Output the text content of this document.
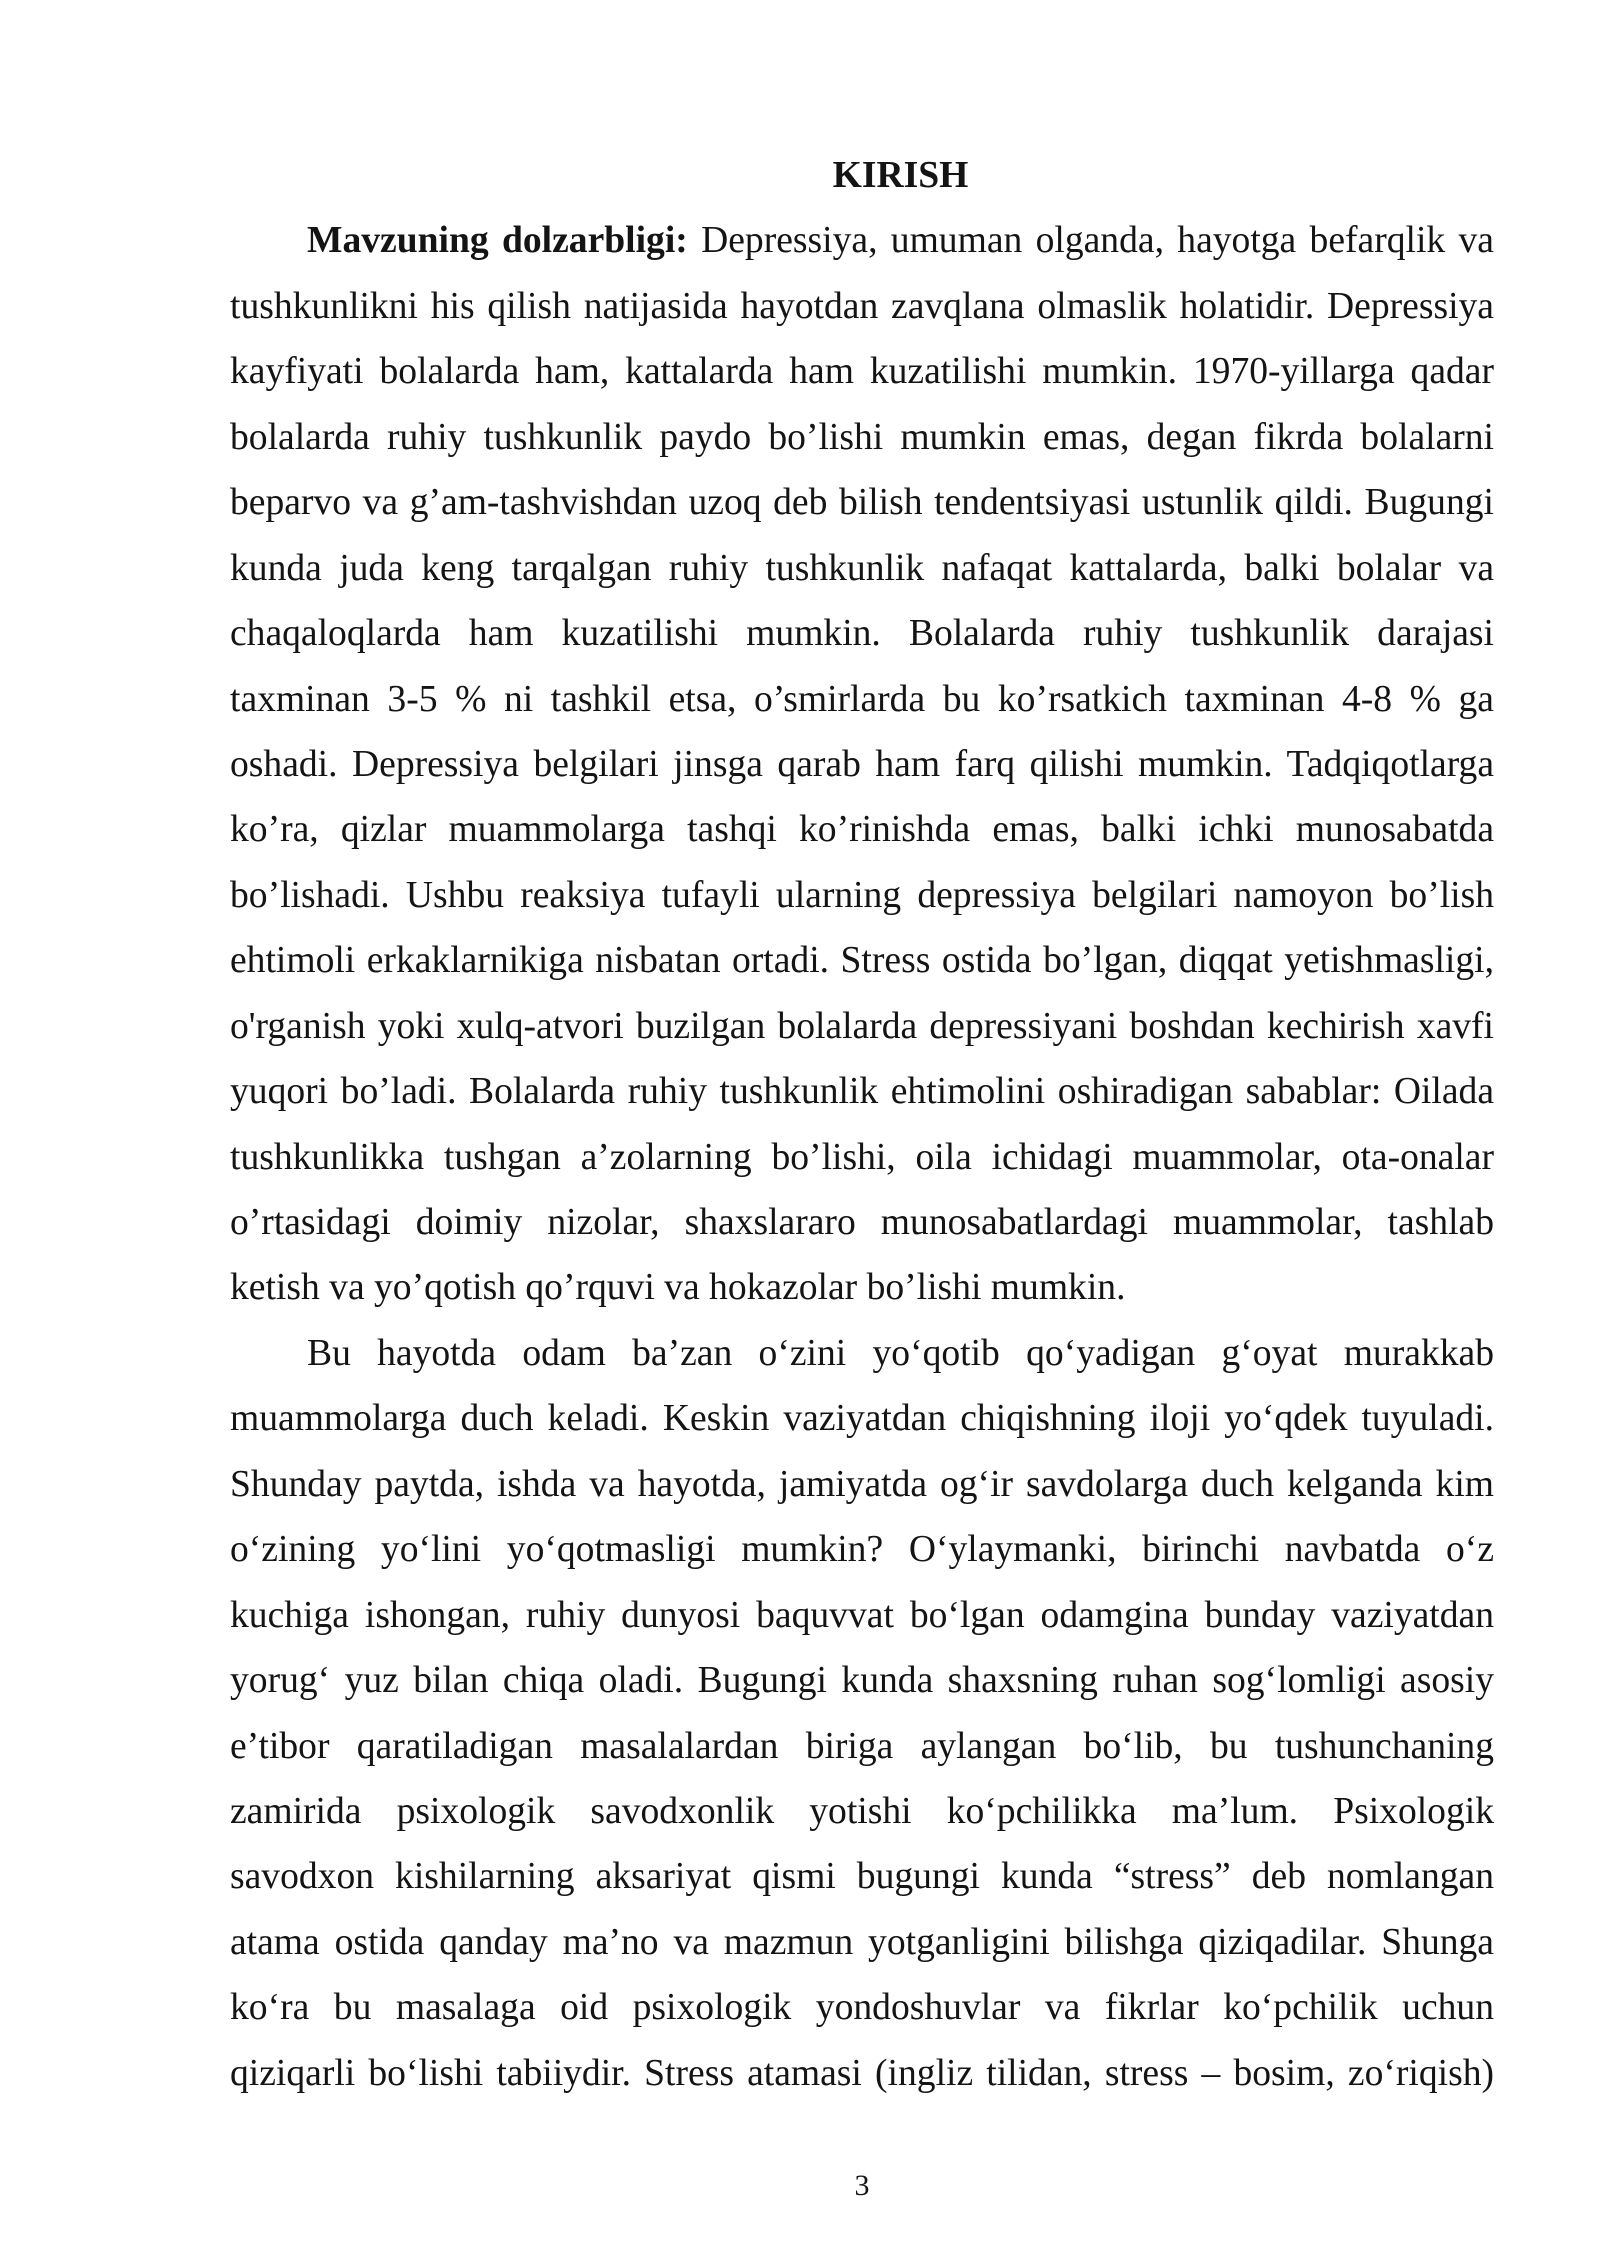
KIRISH
Mavzuning dolzarbligi: Depressiya, umuman olganda, hayotga befarqlik va
tushkunlikni his qilish natijasida hayotdan zavqlana olmaslik holatidir. Depressiya
kayfiyati bolalarda ham, kattalarda ham kuzatilishi mumkin. 1970-yillarga qadar
bolalarda ruhiy tushkunlik paydo bo’lishi mumkin emas, degan fikrda bolalarni
beparvo va g’am-tashvishdan uzoq deb bilish tendentsiyasi ustunlik qildi. Bugungi
kunda juda keng tarqalgan ruhiy tushkunlik nafaqat kattalarda, balki bolalar va
chaqaloqlarda ham kuzatilishi mumkin. Bolalarda ruhiy tushkunlik darajasi
taxminan 3-5 % ni tashkil etsa, o’smirlarda bu ko’rsatkich taxminan 4-8 % ga
oshadi. Depressiya belgilari jinsga qarab ham farq qilishi mumkin. Tadqiqotlarga
ko’ra, qizlar muammolarga tashqi ko’rinishda emas, balki ichki munosabatda
bo’lishadi. Ushbu reaksiya tufayli ularning depressiya belgilari namoyon bo’lish
ehtimoli erkaklarnikiga nisbatan ortadi. Stress ostida bo’lgan, diqqat yetishmasligi,
o'rganish yoki xulq-atvori buzilgan bolalarda depressiyani boshdan kechirish xavfi
yuqori bo’ladi. Bolalarda ruhiy tushkunlik ehtimolini oshiradigan sabablar: Oilada
tushkunlikka tushgan a’zolarning bo’lishi, oila ichidagi muammolar, ota-onalar
o’rtasidagi doimiy nizolar, shaxslararo munosabatlardagi muammolar, tashlab
ketish va yo’qotish qo’rquvi va hokazolar bo’lishi mumkin.
Bu hayotda odam ba’zan o‘zini yo‘qotib qo‘yadigan g‘oyat murakkab
muammolarga duch keladi. Keskin vaziyatdan chiqishning iloji yo‘qdek tuyuladi.
Shunday paytda, ishda va hayotda, jamiyatda og‘ir savdolarga duch kelganda kim
o‘zining yo‘lini yo‘qotmasligi mumkin? O‘ylaymanki, birinchi navbatda o‘z
kuchiga ishongan, ruhiy dunyosi baquvvat bo‘lgan odamgina bunday vaziyatdan
yorug‘ yuz bilan chiqa oladi. Bugungi kunda shaxsning ruhan sog‘lomligi asosiy
e’tibor qaratiladigan masalalardan biriga aylangan bo‘lib, bu tushunchaning
zamirida psixologik savodxonlik yotishi ko‘pchilikka ma’lum. Psixologik
savodxon kishilarning aksariyat qismi bugungi kunda “stress” deb nomlangan
atama ostida qanday ma’no va mazmun yotganligini bilishga qiziqadilar. Shunga
ko‘ra bu masalaga oid psixologik yondoshuvlar va fikrlar ko‘pchilik uchun
qiziqarli bo‘lishi tabiiydir. Stress atamasi (ingliz tilidan, stress – bosim, zo‘riqish)
3
